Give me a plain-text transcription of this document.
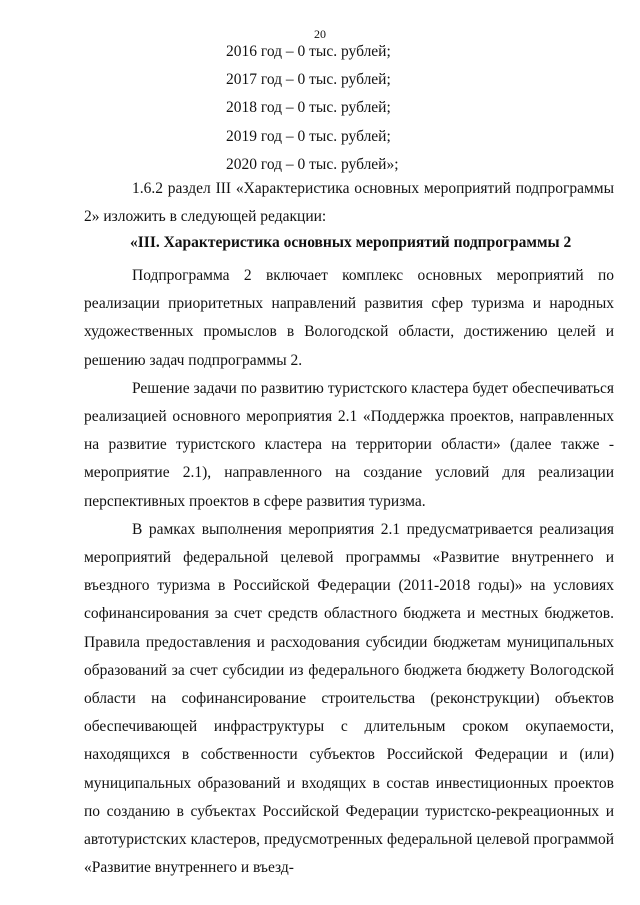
20
2016 год – 0 тыс. рублей;
2017 год – 0 тыс. рублей;
2018 год – 0 тыс. рублей;
2019 год – 0 тыс. рублей;
2020 год – 0 тыс. рублей»;

1.6.2 раздел III «Характеристика основных мероприятий подпрограммы 2» изложить в следующей редакции:

«III. Характеристика основных мероприятий подпрограммы 2

Подпрограмма 2 включает комплекс основных мероприятий по реализации приоритетных направлений развития сфер туризма и народных художественных промыслов в Вологодской области, достижению целей и решению задач подпрограммы 2.

Решение задачи по развитию туристского кластера будет обеспечиваться реализацией основного мероприятия 2.1 «Поддержка проектов, направленных на развитие туристского кластера на территории области» (далее также - мероприятие 2.1), направленного на создание условий для реализации перспективных проектов в сфере развития туризма.

В рамках выполнения мероприятия 2.1 предусматривается реализация мероприятий федеральной целевой программы «Развитие внутреннего и въездного туризма в Российской Федерации (2011-2018 годы)» на условиях софинансирования за счет средств областного бюджета и местных бюджетов. Правила предоставления и расходования субсидии бюджетам муниципальных образований за счет субсидии из федерального бюджета бюджету Вологодской области на софинансирование строительства (реконструкции) объектов обеспечивающей инфраструктуры с длительным сроком окупаемости, находящихся в собственности субъектов Российской Федерации и (или) муниципальных образований и входящих в состав инвестиционных проектов по созданию в субъектах Российской Федерации туристско-рекреационных и автотуристских кластеров, предусмотренных федеральной целевой программой «Развитие внутреннего и въезд-
